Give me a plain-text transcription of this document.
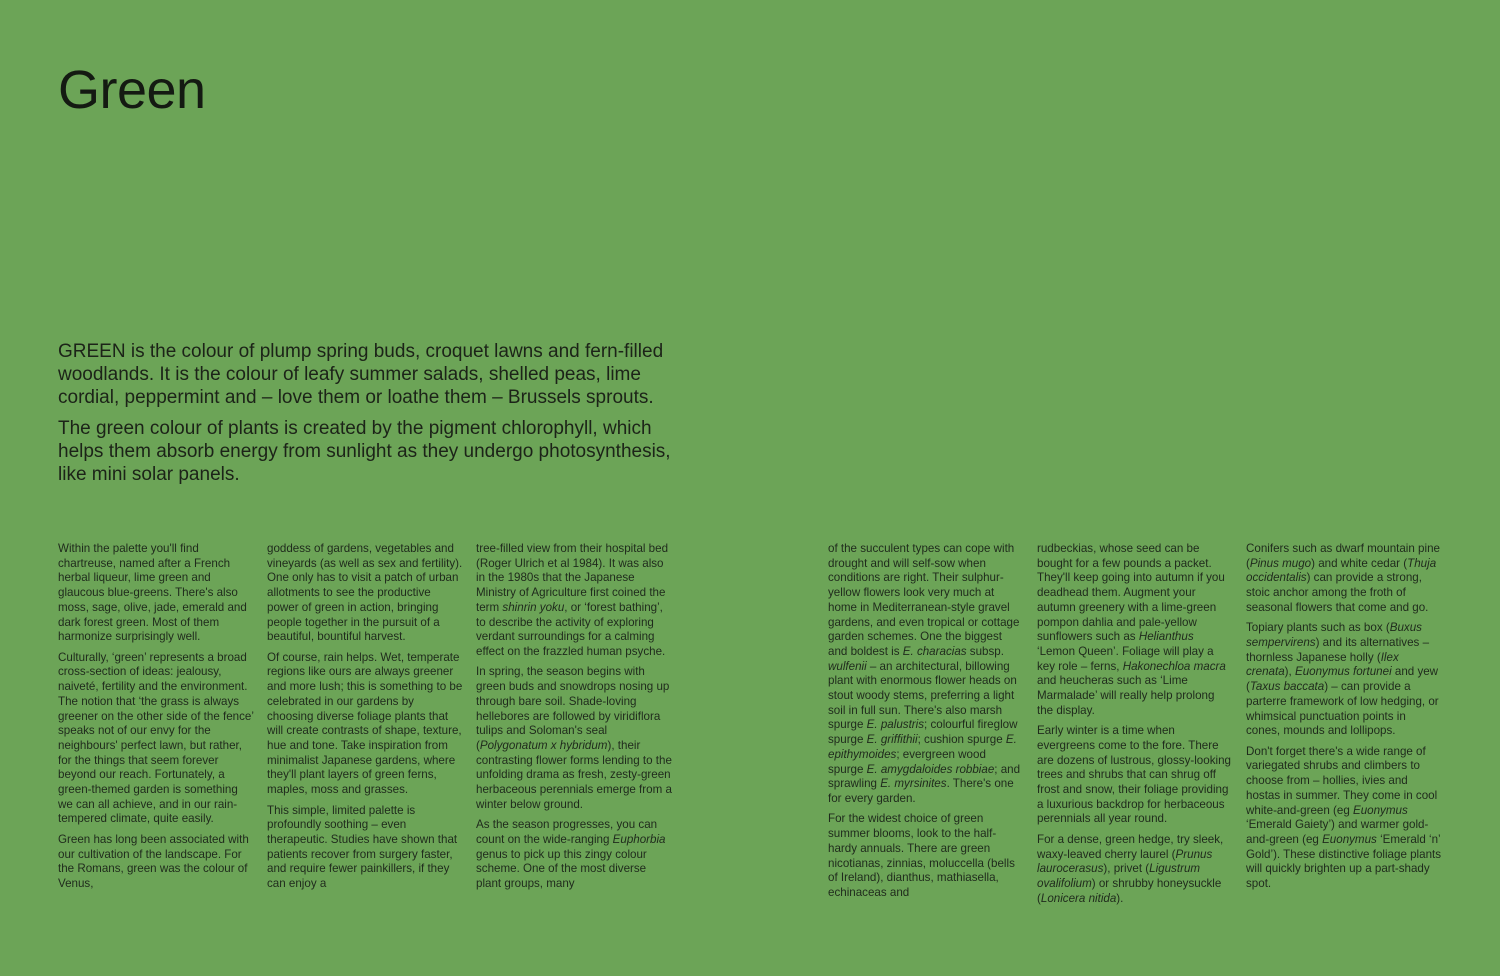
Green

GREEN is the colour of plump spring buds, croquet lawns and fern-filled woodlands. It is the colour of leafy summer salads, shelled peas, lime cordial, peppermint and – love them or loathe them – Brussels sprouts.

The green colour of plants is created by the pigment chlorophyll, which helps them absorb energy from sunlight as they undergo photosynthesis, like mini solar panels.

Within the palette you'll find chartreuse, named after a French herbal liqueur, lime green and glaucous blue-greens. There's also moss, sage, olive, jade, emerald and dark forest green. Most of them harmonize surprisingly well.

Culturally, ‘green’ represents a broad cross-section of ideas: jealousy, naiveté, fertility and the environment. The notion that ‘the grass is always greener on the other side of the fence’ speaks not of our envy for the neighbours' perfect lawn, but rather, for the things that seem forever beyond our reach. Fortunately, a green-themed garden is something we can all achieve, and in our rain-tempered climate, quite easily.

Green has long been associated with our cultivation of the landscape. For the Romans, green was the colour of Venus,

goddess of gardens, vegetables and vineyards (as well as sex and fertility). One only has to visit a patch of urban allotments to see the productive power of green in action, bringing people together in the pursuit of a beautiful, bountiful harvest.

Of course, rain helps. Wet, temperate regions like ours are always greener and more lush; this is something to be celebrated in our gardens by choosing diverse foliage plants that will create contrasts of shape, texture, hue and tone. Take inspiration from minimalist Japanese gardens, where they'll plant layers of green ferns, maples, moss and grasses.

This simple, limited palette is profoundly soothing – even therapeutic. Studies have shown that patients recover from surgery faster, and require fewer painkillers, if they can enjoy a

tree-filled view from their hospital bed (Roger Ulrich et al 1984). It was also in the 1980s that the Japanese Ministry of Agriculture first coined the term shinrin yoku, or ‘forest bathing’, to describe the activity of exploring verdant surroundings for a calming effect on the frazzled human psyche.

In spring, the season begins with green buds and snowdrops nosing up through bare soil. Shade-loving hellebores are followed by viridiflora tulips and Soloman's seal (Polygonatum x hybridum), their contrasting flower forms lending to the unfolding drama as fresh, zesty-green herbaceous perennials emerge from a winter below ground.

As the season progresses, you can count on the wide-ranging Euphorbia genus to pick up this zingy colour scheme. One of the most diverse plant groups, many

of the succulent types can cope with drought and will self-sow when conditions are right. Their sulphur-yellow flowers look very much at home in Mediterranean-style gravel gardens, and even tropical or cottage garden schemes. One the biggest and boldest is E. characias subsp. wulfenii – an architectural, billowing plant with enormous flower heads on stout woody stems, preferring a light soil in full sun. There's also marsh spurge E. palustris; colourful fireglow spurge E. griffithii; cushion spurge E. epithymoides; evergreen wood spurge E. amygdaloides robbiae; and sprawling E. myrsinites. There's one for every garden.

For the widest choice of green summer blooms, look to the half-hardy annuals. There are green nicotianas, zinnias, moluccella (bells of Ireland), dianthus, mathiasella, echinaceas and

rudbeckias, whose seed can be bought for a few pounds a packet. They'll keep going into autumn if you deadhead them. Augment your autumn greenery with a lime-green pompon dahlia and pale-yellow sunflowers such as Helianthus ‘Lemon Queen’. Foliage will play a key role – ferns, Hakonechloa macra and heucheras such as ‘Lime Marmalade’ will really help prolong the display.

Early winter is a time when evergreens come to the fore. There are dozens of lustrous, glossy-looking trees and shrubs that can shrug off frost and snow, their foliage providing a luxurious backdrop for herbaceous perennials all year round.

For a dense, green hedge, try sleek, waxy-leaved cherry laurel (Prunus laurocerasus), privet (Ligustrum ovalifolium) or shrubby honeysuckle (Lonicera nitida).

Conifers such as dwarf mountain pine (Pinus mugo) and white cedar (Thuja occidentalis) can provide a strong, stoic anchor among the froth of seasonal flowers that come and go.

Topiary plants such as box (Buxus sempervirens) and its alternatives – thornless Japanese holly (Ilex crenata), Euonymus fortunei and yew (Taxus baccata) – can provide a parterre framework of low hedging, or whimsical punctuation points in cones, mounds and lollipops.

Don't forget there's a wide range of variegated shrubs and climbers to choose from – hollies, ivies and hostas in summer. They come in cool white-and-green (eg Euonymus ‘Emerald Gaiety’) and warmer gold-and-green (eg Euonymus ‘Emerald ‘n’ Gold’). These distinctive foliage plants will quickly brighten up a part-shady spot.
